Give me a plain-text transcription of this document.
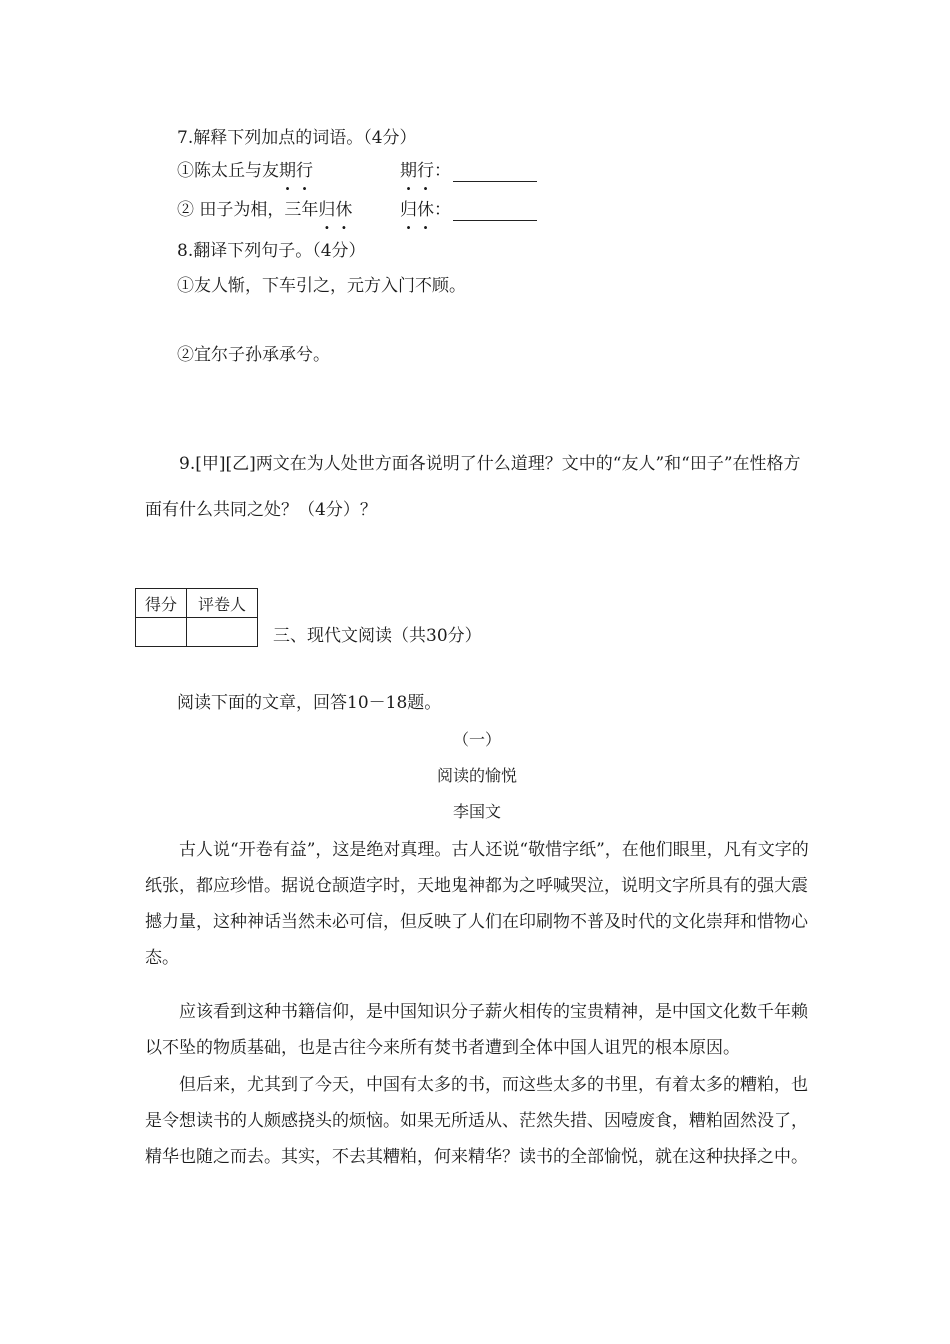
7.解释下列加点的词语。（4分）
①陈太丘与友期行	期行：
② 田子为相，三年归休	归休：
8.翻译下列句子。（4分）
①友人惭，下车引之，元方入门不顾。
②宜尔子孙承承兮。
9.[甲][乙]两文在为人处世方面各说明了什么道理？文中的“友人”和“田子”在性格方面有什么共同之处？（4分）？
得分	评卷人

三、现代文阅读（共30分）
阅读下面的文章，回答10－18题。
（一）
阅读的愉悦
李国文
古人说“开卷有益”，这是绝对真理。古人还说“敬惜字纸”，在他们眼里，凡有文字的纸张，都应珍惜。据说仓颉造字时，天地鬼神都为之呼喊哭泣，说明文字所具有的强大震撼力量，这种神话当然未必可信，但反映了人们在印刷物不普及时代的文化崇拜和惜物心态。
应该看到这种书籍信仰，是中国知识分子薪火相传的宝贵精神，是中国文化数千年赖以不坠的物质基础，也是古往今来所有焚书者遭到全体中国人诅咒的根本原因。
但后来，尤其到了今天，中国有太多的书，而这些太多的书里，有着太多的糟粕，也是令想读书的人颇感挠头的烦恼。如果无所适从、茫然失措、因噎废食，糟粕固然没了，精华也随之而去。其实，不去其糟粕，何来精华？读书的全部愉悦，就在这种抉择之中。
